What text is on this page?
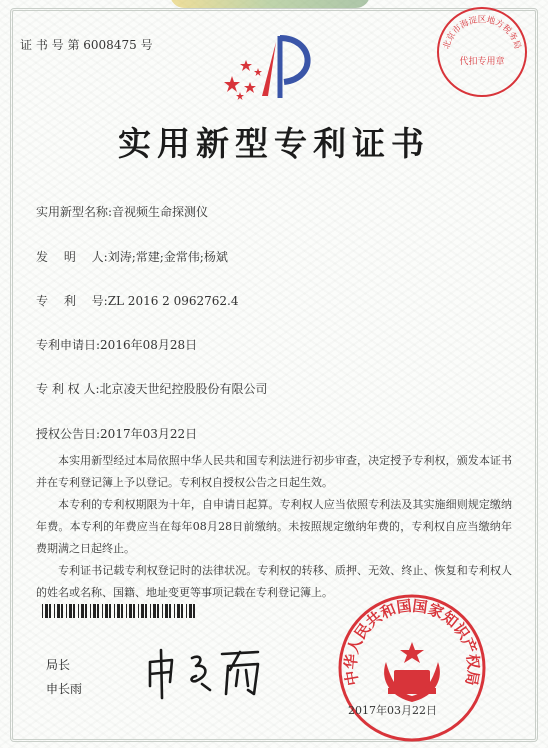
证 书 号 第 6008475 号	北京市海淀区地方税务局
代扣专用章
实用新型专利证书
实用新型名称:音视频生命探测仪
发　 明　 人:刘涛;常建;金常伟;杨斌
专　 利　 号:ZL 2016 2 0962762.4
专利申请日:2016年08月28日
专 利 权 人:北京凌天世纪控股股份有限公司
授权公告日:2017年03月22日

本实用新型经过本局依照中华人民共和国专利法进行初步审查，决定授予专利权，颁发本证书并在专利登记簿上予以登记。专利权自授权公告之日起生效。

本专利的专利权期限为十年，自申请日起算。专利权人应当依照专利法及其实施细则规定缴纳年费。本专利的年费应当在每年08月28日前缴纳。未按照规定缴纳年费的，专利权自应当缴纳年费期满之日起终止。

专利证书记载专利权登记时的法律状况。专利权的转移、质押、无效、终止、恢复和专利权人的姓名或名称、国籍、地址变更等事项记载在专利登记簿上。

局长
申长雨
中华人民共和国国家知识产权局
2017年03月22日
